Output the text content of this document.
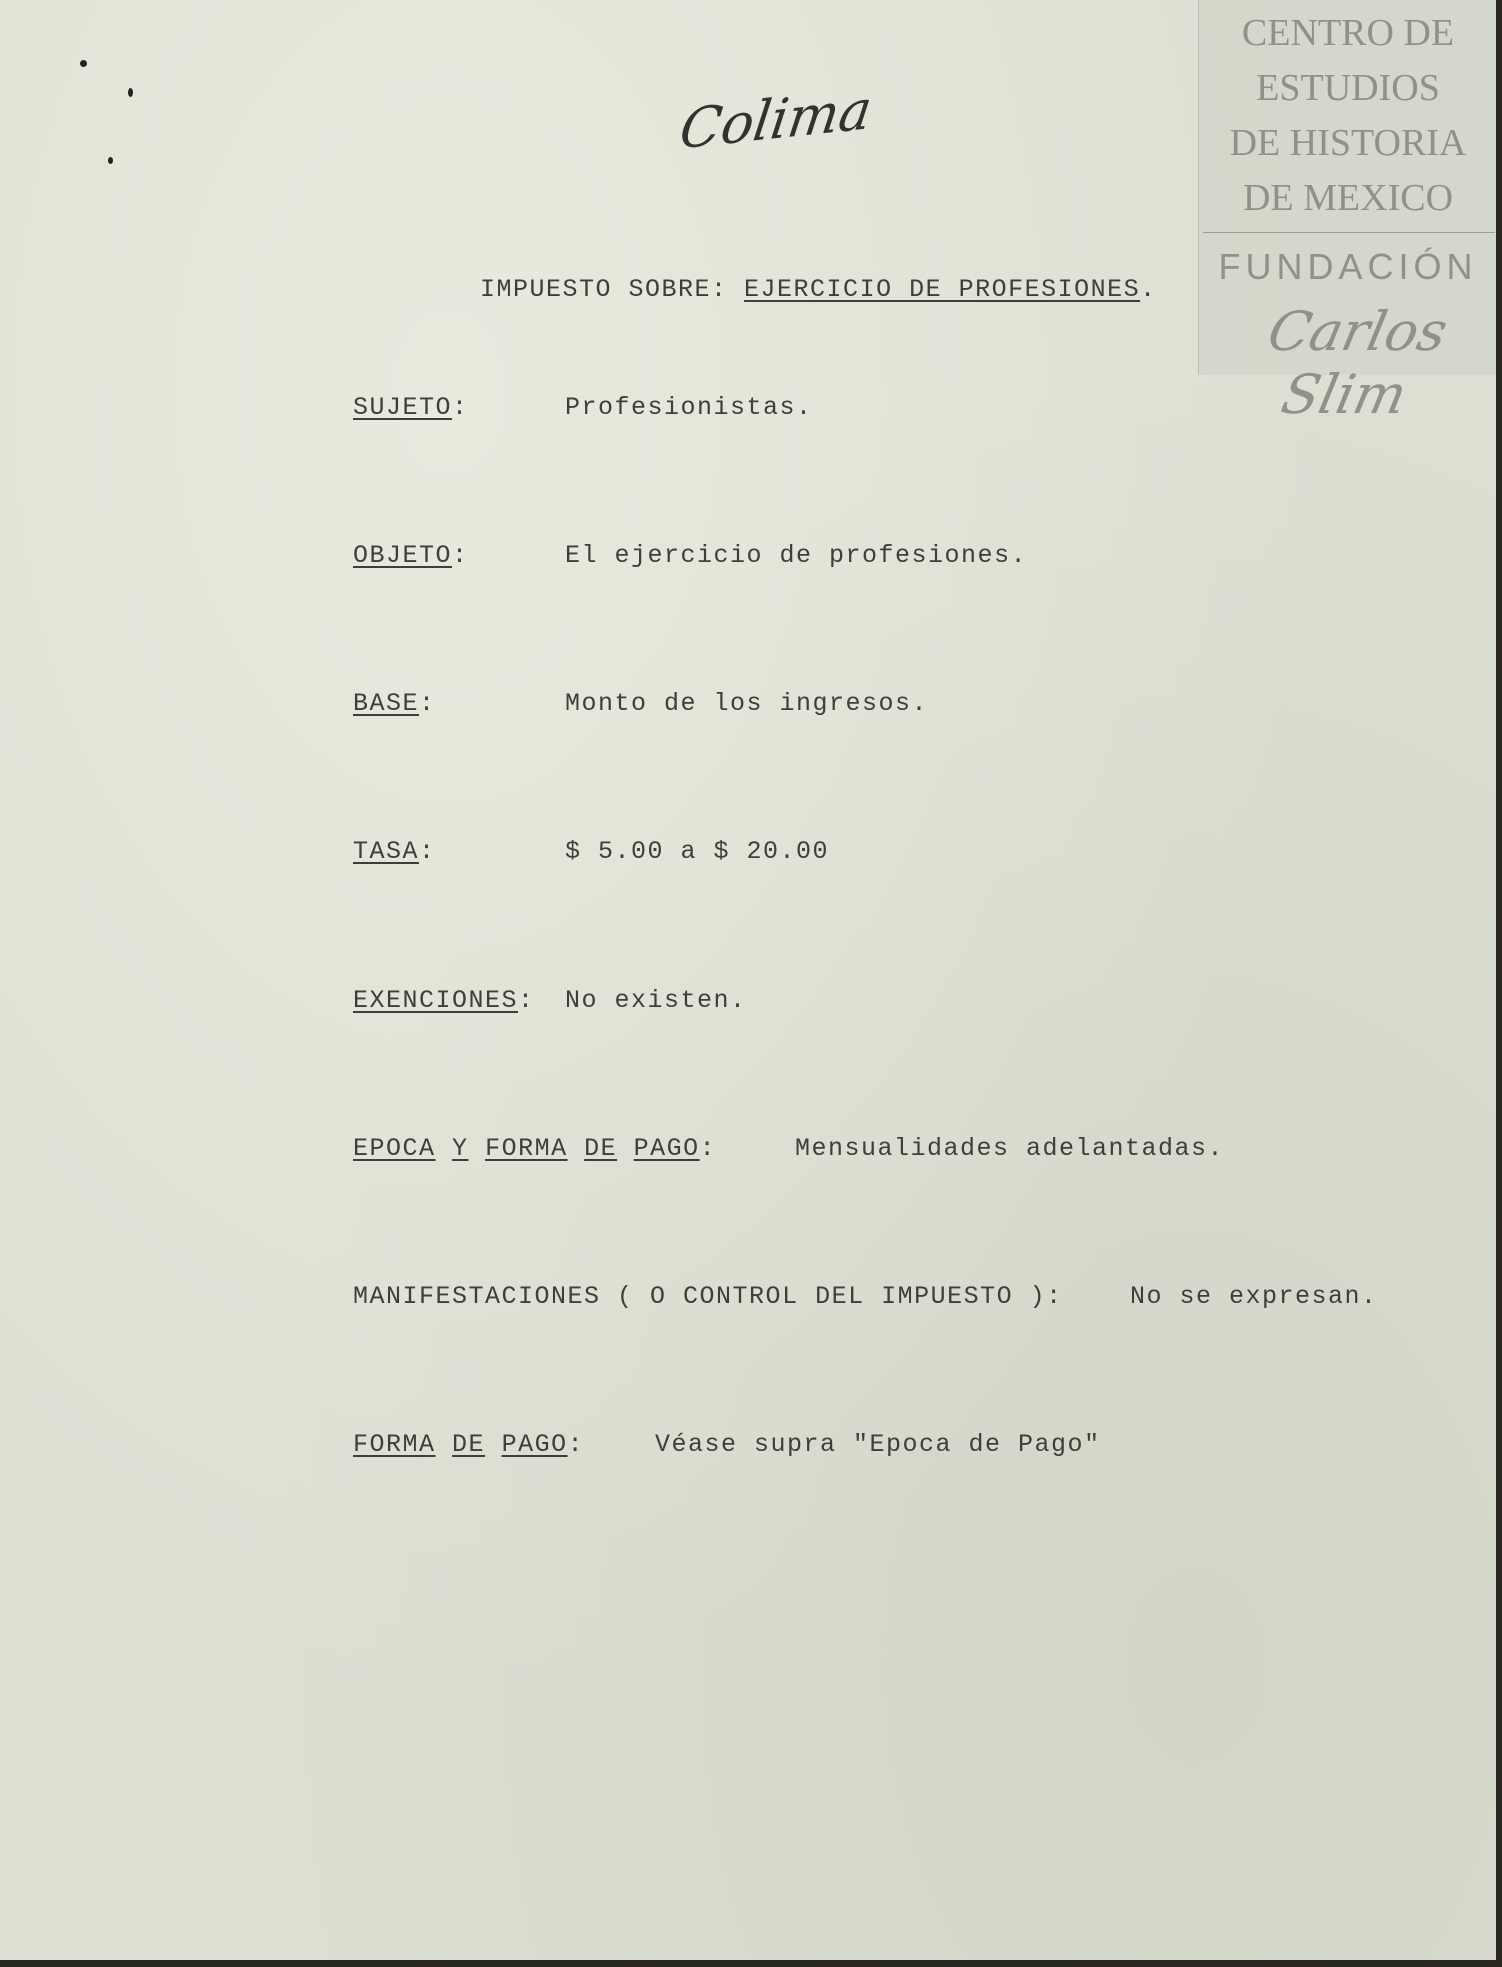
CENTRO DE
ESTUDIOS
DE HISTORIA
DE MEXICO
FUNDACIÓN
Carlos Slim
Colima
IMPUESTO SOBRE: EJERCICIO DE PROFESIONES.
SUJETO:	Profesionistas.
OBJETO:	El ejercicio de profesiones.
BASE:	Monto de los ingresos.
TASA:	$ 5.00 a $ 20.00
EXENCIONES: No existen.
EPOCA Y FORMA DE PAGO:	Mensualidades adelantadas.
MANIFESTACIONES ( O CONTROL DEL IMPUESTO ):	No se expresan.
FORMA DE PAGO:	Véase supra "Epoca de Pago"
